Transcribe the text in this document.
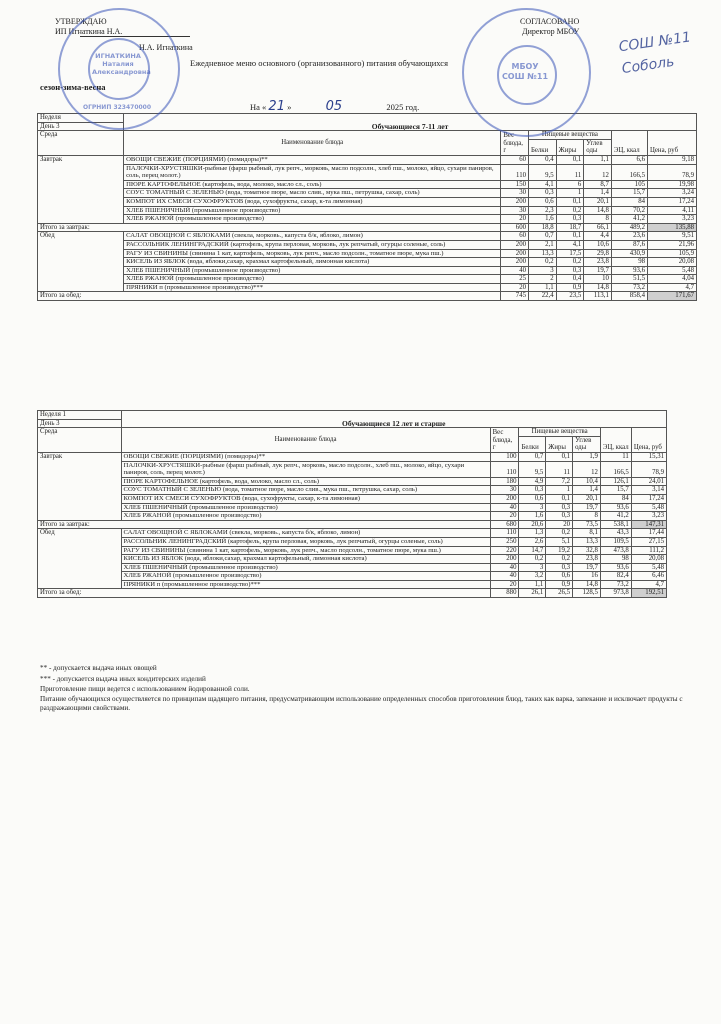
УТВЕРЖДАЮ
ИП Игнаткина Н.А.
Н.А. Игнаткина
СОГЛАСОВАНО
Директор МБОУ
Ежедневное меню основного (организованного) питания обучающихся
сезон-зима-весна
На « 21 »	05	2025 год.
Неделя	Обучающиеся 7-11 лет						
День 3							
Среда	Наименование блюда	Вес блюда, г	Пищевые вещества			ЭЦ, ккал	Цена, руб
			Белки	Жиры	Углев оды		
Завтрак	ОВОЩИ СВЕЖИЕ (ПОРЦИЯМИ) (помидоры)**	60	0,4	0,1	1,1	6,6	9,18
	ПАЛОЧКИ-ХРУСТЯШКИ-рыбные (фарш рыбный, лук репч., морковь, масло подсолн., хлеб пш., молоко, яйцо, сухари паниров, соль, перец молот.)	110	9,5	11	12	166,5	78,9
	ПЮРЕ КАРТОФЕЛЬНОЕ (картофель, вода, молоко, масло сл., соль)	150	4,1	6	8,7	105	19,98
	СОУС ТОМАТНЫЙ С ЗЕЛЕНЬЮ (вода, томатное пюре, масло слив., мука пш., петрушка, сахар, соль)	30	0,3	1	1,4	15,7	3,24
	КОМПОТ ИХ СМЕСИ СУХОФРУКТОВ (вода, сухофрукты, сахар, к-та лимонная)	200	0,6	0,1	20,1	84	17,24
	ХЛЕБ ПШЕНИЧНЫЙ (промышленное производство)	30	2,3	0,2	14,8	70,2	4,11
	ХЛЕБ РЖАНОЙ (промышленное производство)	20	1,6	0,3	8	41,2	3,23
Итого за завтрак:		600	18,8	18,7	66,1	489,2	135,88
Обед	САЛАТ ОВОЩНОЙ С ЯБЛОКАМИ (свекла, морковь., капуста б/к, яблоко, лимон)	60	0,7	0,1	4,4	23,6	9,51
	РАССОЛЬНИК ЛЕНИНГРАДСКИЙ (картофель, крупа перловая, морковь, лук репчатый, огурцы соленые, соль)	200	2,1	4,1	10,6	87,6	21,96
	РАГУ ИЗ СВИНИНЫ (свинина 1 кат, картофель, морковь, лук репч., масло подсолн., томатное пюре, мука пш.)	200	13,3	17,5	29,8	430,9	105,9
	КИСЕЛЬ ИЗ ЯБЛОК (вода, яблоки,сахар, крахмал картофельный, лимонная кислота)	200	0,2	0,2	23,8	98	20,08
	ХЛЕБ ПШЕНИЧНЫЙ (промышленное производство)	40	3	0,3	19,7	93,6	5,48
	ХЛЕБ РЖАНОЙ (промышленное производство)	25	2	0,4	10	51,5	4,04
	ПРЯНИКИ п (промышленное производство)***	20	1,1	0,9	14,8	73,2	4,7
Итого за обед:		745	22,4	23,5	113,1	858,4	171,67
Неделя 1	Обучающиеся 12 лет и старше						
День 3							
Среда	Наименование блюда	Вес блюда, г	Пищевые вещества			ЭЦ, ккал	Цена, руб
			Белки	Жиры	Углев оды		
Завтрак	ОВОЩИ СВЕЖИЕ (ПОРЦИЯМИ) (помидоры)**	100	0,7	0,1	1,9	11	15,31
	ПАЛОЧКИ-ХРУСТЯШКИ-рыбные (фарш рыбный, лук репч., морковь, масло подсолн., хлеб пш., молоко, яйцо, сухари паниров, соль, перец молот.)	110	9,5	11	12	166,5	78,9
	ПЮРЕ КАРТОФЕЛЬНОЕ (картофель, вода, молоко, масло сл., соль)	180	4,9	7,2	10,4	126,1	24,01
	СОУС ТОМАТНЫЙ С ЗЕЛЕНЬЮ (вода, томатное пюре, масло слив., мука пш., петрушка, сахар, соль)	30	0,3	1	1,4	15,7	3,14
	КОМПОТ ИХ СМЕСИ СУХОФРУКТОВ (вода, сухофрукты, сахар, к-та лимонная)	200	0,6	0,1	20,1	84	17,24
	ХЛЕБ ПШЕНИЧНЫЙ (промышленное производство)	40	3	0,3	19,7	93,6	5,48
	ХЛЕБ РЖАНОЙ (промышленное производство)	20	1,6	0,3	8	41,2	3,23
Итого за завтрак:		680	20,6	20	73,5	538,1	147,31
Обед	САЛАТ ОВОЩНОЙ С ЯБЛОКАМИ (свекла, морковь., капуста б/к, яблоко, лимон)	110	1,3	0,2	8,1	43,3	17,44
	РАССОЛЬНИК ЛЕНИНГРАДСКИЙ (картофель, крупа перловая, морковь, лук репчатый, огурцы соленые, соль)	250	2,6	5,1	13,3	109,5	27,15
	РАГУ ИЗ СВИНИНЫ (свинина 1 кат, картофель, морковь, лук репч., масло подсолн., томатное пюре, мука пш.)	220	14,7	19,2	32,8	473,8	111,2
	КИСЕЛЬ ИЗ ЯБЛОК (вода, яблоки,сахар, крахмал картофельный, лимонная кислота)	200	0,2	0,2	23,8	98	20,08
	ХЛЕБ ПШЕНИЧНЫЙ (промышленное производство)	40	3	0,3	19,7	93,6	5,48
	ХЛЕБ РЖАНОЙ (промышленное производство)	40	3,2	0,6	16	82,4	6,46
	ПРЯНИКИ п (промышленное производство)***	20	1,1	0,9	14,8	73,2	4,7
Итого за обед:		880	26,1	26,5	128,5	973,8	192,51
** - допускается выдача иных овощей
*** - допускается выдача иных кондитерских изделий
Приготовление пищи ведется с использованием йодированной соли.
Питание обучающихся осуществляется по принципам щадящего питания, предусматривающим использование определенных способов приготовления блюд, таких как варка, запекание и исключает продукты с раздражающими свойствами.
ИГНАТКИНА Наталия Александровна
ОГРНИП 323470000
МБОУ СОШ №11
СОШ №11 Соболь
